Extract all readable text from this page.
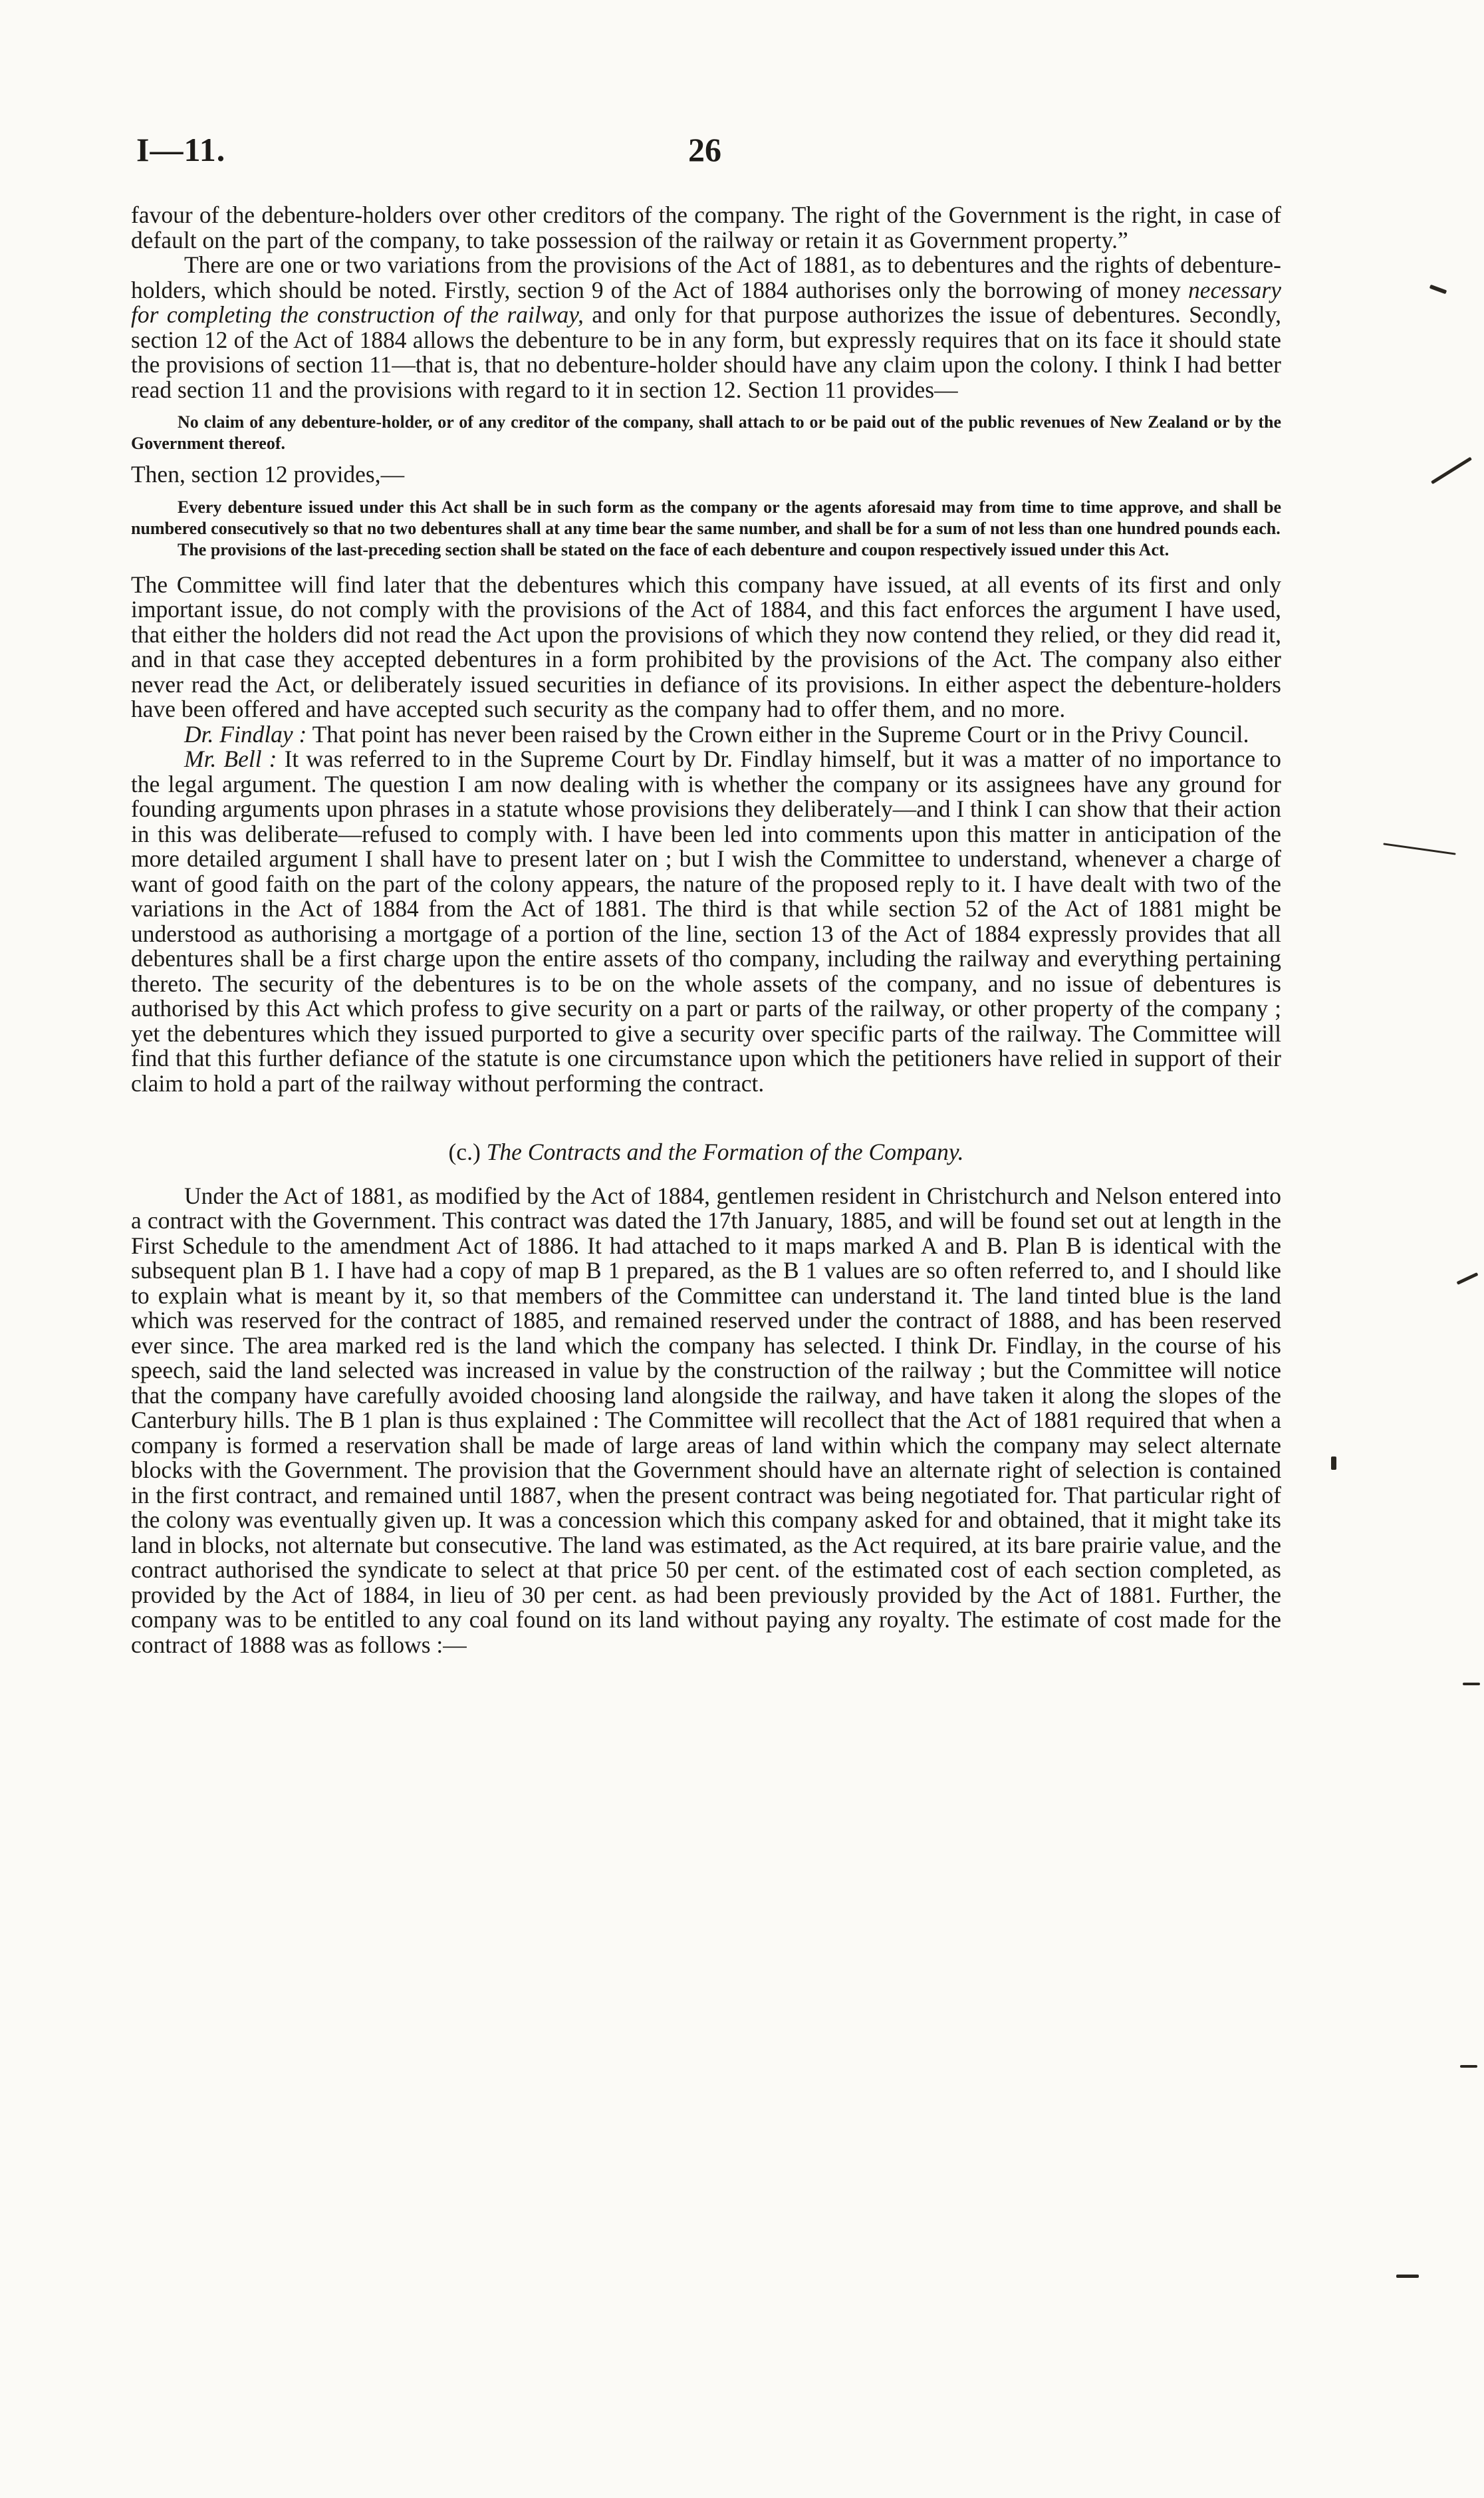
I—11.	26

favour of the debenture-holders over other creditors of the company. The right of the Government is the right, in case of default on the part of the company, to take possession of the railway or retain it as Government property.”

There are one or two variations from the provisions of the Act of 1881, as to debentures and the rights of debenture-holders, which should be noted. Firstly, section 9 of the Act of 1884 authorises only the borrowing of money necessary for completing the construction of the railway, and only for that purpose authorizes the issue of debentures. Secondly, section 12 of the Act of 1884 allows the debenture to be in any form, but expressly requires that on its face it should state the provisions of section 11—that is, that no debenture-holder should have any claim upon the colony. I think I had better read section 11 and the provisions with regard to it in section 12. Section 11 provides—

No claim of any debenture-holder, or of any creditor of the company, shall attach to or be paid out of the public revenues of New Zealand or by the Government thereof.

Then, section 12 provides,—

Every debenture issued under this Act shall be in such form as the company or the agents aforesaid may from time to time approve, and shall be numbered consecutively so that no two debentures shall at any time bear the same number, and shall be for a sum of not less than one hundred pounds each.

The provisions of the last-preceding section shall be stated on the face of each debenture and coupon respectively issued under this Act.

The Committee will find later that the debentures which this company have issued, at all events of its first and only important issue, do not comply with the provisions of the Act of 1884, and this fact enforces the argument I have used, that either the holders did not read the Act upon the provisions of which they now contend they relied, or they did read it, and in that case they accepted debentures in a form prohibited by the provisions of the Act. The company also either never read the Act, or deliberately issued securities in defiance of its provisions. In either aspect the debenture-holders have been offered and have accepted such security as the company had to offer them, and no more.

Dr. Findlay : That point has never been raised by the Crown either in the Supreme Court or in the Privy Council.

Mr. Bell : It was referred to in the Supreme Court by Dr. Findlay himself, but it was a matter of no importance to the legal argument. The question I am now dealing with is whether the company or its assignees have any ground for founding arguments upon phrases in a statute whose provisions they deliberately—and I think I can show that their action in this was deliberate—refused to comply with. I have been led into comments upon this matter in anticipation of the more detailed argument I shall have to present later on ; but I wish the Committee to understand, whenever a charge of want of good faith on the part of the colony appears, the nature of the proposed reply to it. I have dealt with two of the variations in the Act of 1884 from the Act of 1881. The third is that while section 52 of the Act of 1881 might be understood as authorising a mortgage of a portion of the line, section 13 of the Act of 1884 expressly provides that all debentures shall be a first charge upon the entire assets of tho company, including the railway and everything pertaining thereto. The security of the debentures is to be on the whole assets of the company, and no issue of debentures is authorised by this Act which profess to give security on a part or parts of the railway, or other property of the company ; yet the debentures which they issued purported to give a security over specific parts of the railway. The Committee will find that this further defiance of the statute is one circumstance upon which the petitioners have relied in support of their claim to hold a part of the railway without performing the contract.

(c.) The Contracts and the Formation of the Company.

Under the Act of 1881, as modified by the Act of 1884, gentlemen resident in Christchurch and Nelson entered into a contract with the Government. This contract was dated the 17th January, 1885, and will be found set out at length in the First Schedule to the amendment Act of 1886. It had attached to it maps marked A and B. Plan B is identical with the subsequent plan B 1. I have had a copy of map B 1 prepared, as the B 1 values are so often referred to, and I should like to explain what is meant by it, so that members of the Committee can understand it. The land tinted blue is the land which was reserved for the contract of 1885, and remained reserved under the contract of 1888, and has been reserved ever since. The area marked red is the land which the company has selected. I think Dr. Findlay, in the course of his speech, said the land selected was increased in value by the construction of the railway ; but the Committee will notice that the company have carefully avoided choosing land alongside the railway, and have taken it along the slopes of the Canterbury hills. The B 1 plan is thus explained : The Committee will recollect that the Act of 1881 required that when a company is formed a reservation shall be made of large areas of land within which the company may select alternate blocks with the Government. The provision that the Government should have an alternate right of selection is contained in the first contract, and remained until 1887, when the present contract was being negotiated for. That particular right of the colony was eventually given up. It was a concession which this company asked for and obtained, that it might take its land in blocks, not alternate but consecutive. The land was estimated, as the Act required, at its bare prairie value, and the contract authorised the syndicate to select at that price 50 per cent. of the estimated cost of each section completed, as provided by the Act of 1884, in lieu of 30 per cent. as had been previously provided by the Act of 1881. Further, the company was to be entitled to any coal found on its land without paying any royalty. The estimate of cost made for the contract of 1888 was as follows :—
